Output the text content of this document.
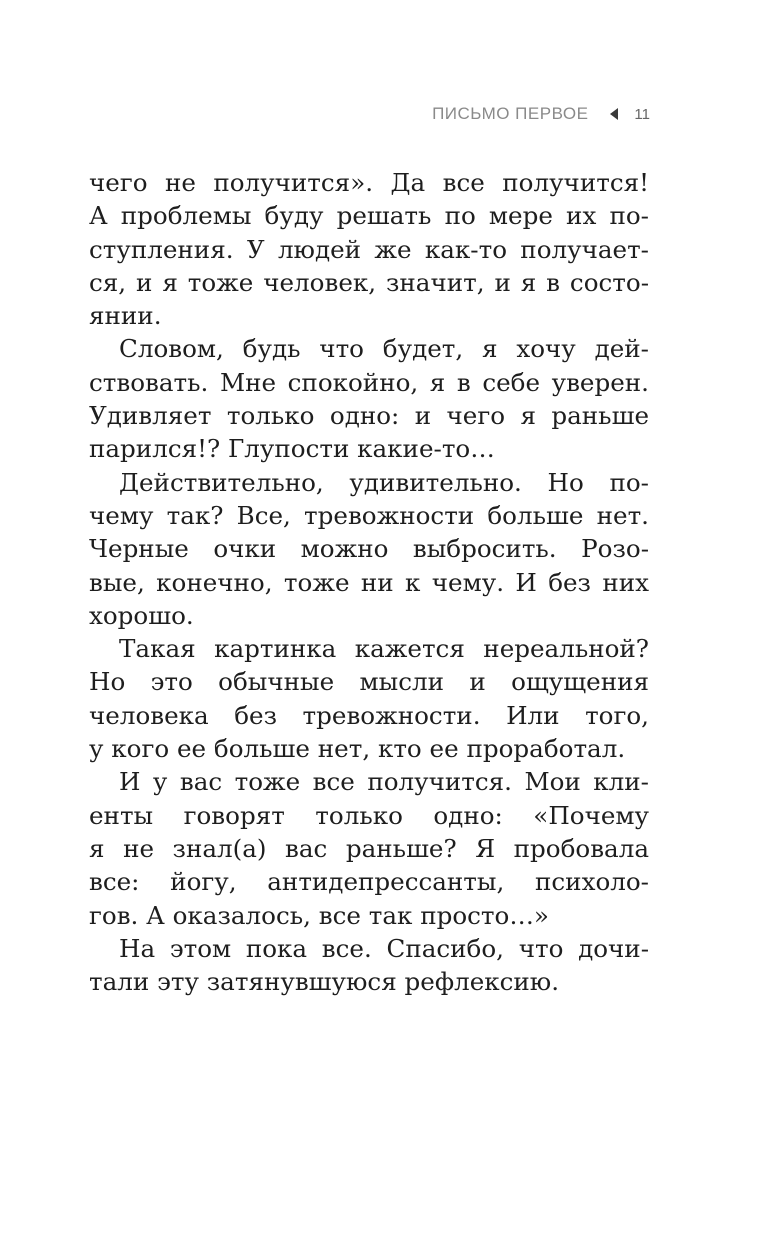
ПИСЬМО ПЕРВОЕ	11
чего не получится». Да все получится!
А проблемы буду решать по мере их по-
ступления. У людей же как-то получает-
ся, и я тоже человек, значит, и я в состо-
янии.
Словом, будь что будет, я хочу дей-
ствовать. Мне спокойно, я в себе уверен.
Удивляет только одно: и чего я раньше
парился!? Глупости какие-то…
Действительно, удивительно. Но по-
чему так? Все, тревожности больше нет.
Черные очки можно выбросить. Розо-
вые, конечно, тоже ни к чему. И без них
хорошо.
Такая картинка кажется нереальной?
Но это обычные мысли и ощущения
человека без тревожности. Или того,
у кого ее больше нет, кто ее проработал.
И у вас тоже все получится. Мои кли-
енты говорят только одно: «Почему
я не знал(а) вас раньше? Я пробовала
все: йогу, антидепрессанты, психоло-
гов. А оказалось, все так просто…»
На этом пока все. Спасибо, что дочи-
тали эту затянувшуюся рефлексию.
